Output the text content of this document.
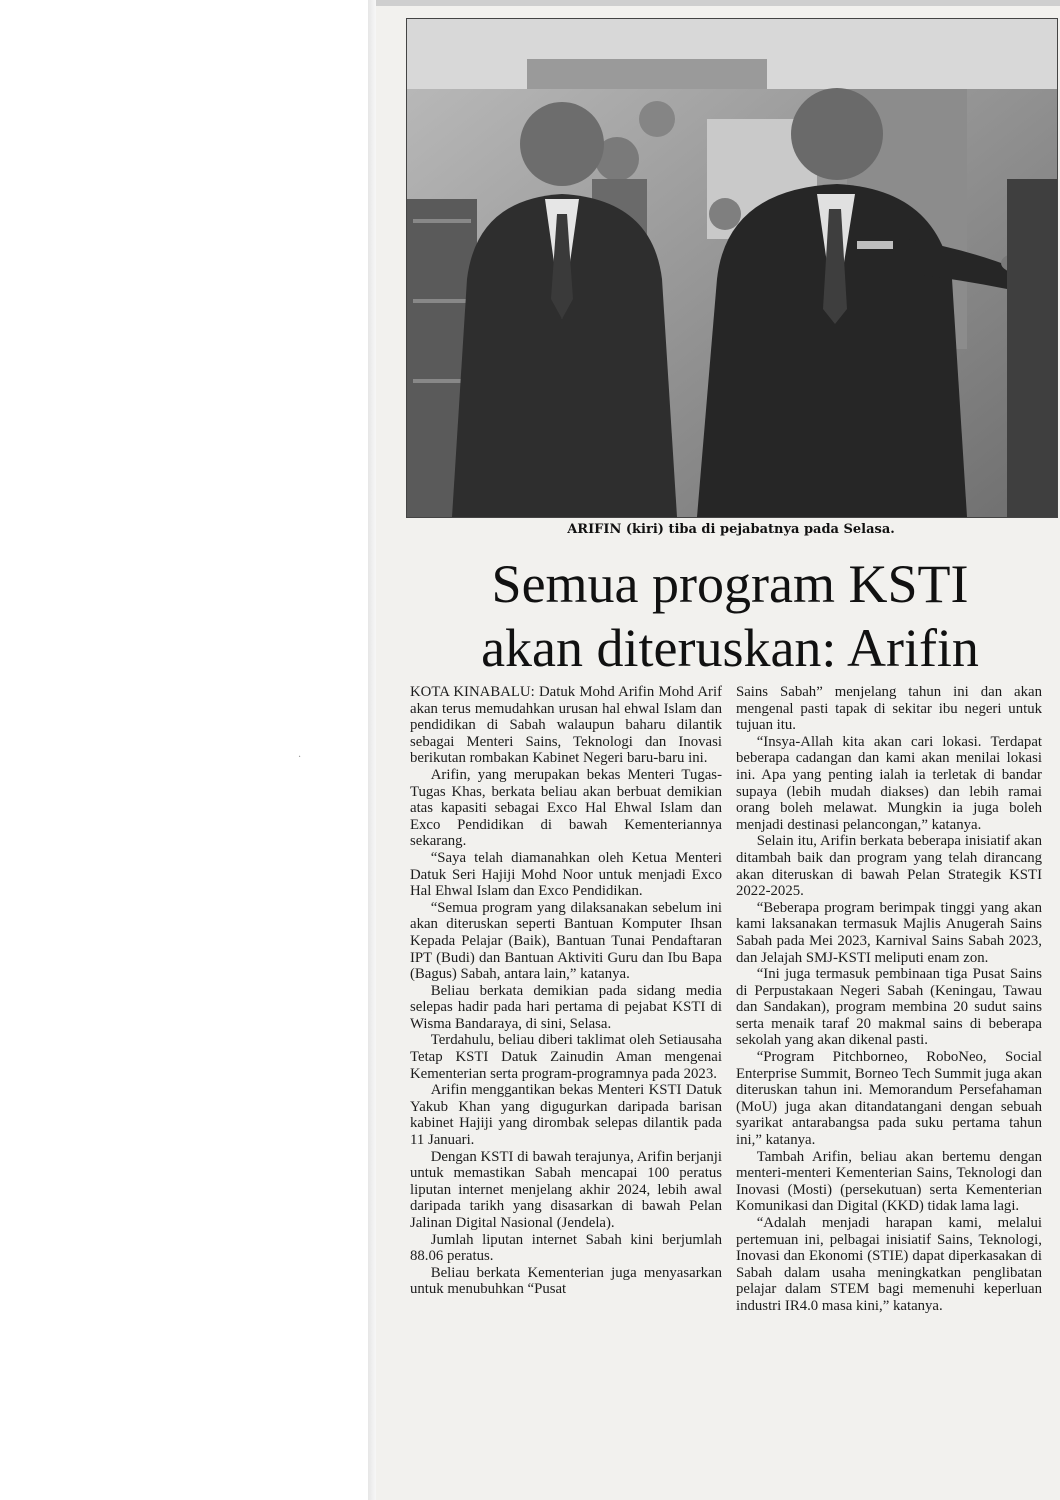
·
ARIFIN (kiri) tiba di pejabatnya pada Selasa.
Semua program KSTI
akan diteruskan: Arifin

KOTA KINABALU: Datuk Mohd Arifin Mohd Arif akan terus memudahkan urusan hal ehwal Islam dan pendidikan di Sabah walaupun baharu dilantik sebagai Menteri Sains, Teknologi dan Inovasi berikutan rombakan Kabinet Negeri baru-baru ini.

Arifin, yang merupakan bekas Menteri Tugas-Tugas Khas, berkata beliau akan berbuat demikian atas kapasiti sebagai Exco Hal Ehwal Islam dan Exco Pendidikan di bawah Kementeriannya sekarang.

“Saya telah diamanahkan oleh Ketua Menteri Datuk Seri Hajiji Mohd Noor untuk menjadi Exco Hal Ehwal Islam dan Exco Pendidikan.

“Semua program yang dilaksanakan sebelum ini akan diteruskan seperti Bantuan Komputer Ihsan Kepada Pelajar (Baik), Bantuan Tunai Pendaftaran IPT (Budi) dan Bantuan Aktiviti Guru dan Ibu Bapa (Bagus) Sabah, antara lain,” katanya.

Beliau berkata demikian pada sidang media selepas hadir pada hari pertama di pejabat KSTI di Wisma Bandaraya, di sini, Selasa.

Terdahulu, beliau diberi taklimat oleh Setiausaha Tetap KSTI Datuk Zainudin Aman mengenai Kementerian serta program-programnya pada 2023.

Arifin menggantikan bekas Menteri KSTI Datuk Yakub Khan yang digugurkan daripada barisan kabinet Hajiji yang dirombak selepas dilantik pada 11 Januari.

Dengan KSTI di bawah terajunya, Arifin berjanji untuk memastikan Sabah mencapai 100 peratus liputan internet menjelang akhir 2024, lebih awal daripada tarikh yang disasarkan di bawah Pelan Jalinan Digital Nasional (Jendela).

Jumlah liputan internet Sabah kini berjumlah 88.06 peratus.

Beliau berkata Kementerian juga menyasarkan untuk menubuhkan “Pusat

Sains Sabah” menjelang tahun ini dan akan mengenal pasti tapak di sekitar ibu negeri untuk tujuan itu.

“Insya-Allah kita akan cari lokasi. Terdapat beberapa cadangan dan kami akan menilai lokasi ini. Apa yang penting ialah ia terletak di bandar supaya (lebih mudah diakses) dan lebih ramai orang boleh melawat. Mungkin ia juga boleh menjadi destinasi pelancongan,” katanya.

Selain itu, Arifin berkata beberapa inisiatif akan ditambah baik dan program yang telah dirancang akan diteruskan di bawah Pelan Strategik KSTI 2022-2025.

“Beberapa program berimpak tinggi yang akan kami laksanakan termasuk Majlis Anugerah Sains Sabah pada Mei 2023, Karnival Sains Sabah 2023, dan Jelajah SMJ-KSTI meliputi enam zon.

“Ini juga termasuk pembinaan tiga Pusat Sains di Perpustakaan Negeri Sabah (Keningau, Tawau dan Sandakan), program membina 20 sudut sains serta menaik taraf 20 makmal sains di beberapa sekolah yang akan dikenal pasti.

“Program Pitchborneo, RoboNeo, Social Enterprise Summit, Borneo Tech Summit juga akan diteruskan tahun ini. Memorandum Persefahaman (MoU) juga akan ditandatangani dengan sebuah syarikat antarabangsa pada suku pertama tahun ini,” katanya.

Tambah Arifin, beliau akan bertemu dengan menteri-menteri Kementerian Sains, Teknologi dan Inovasi (Mosti) (persekutuan) serta Kementerian Komunikasi dan Digital (KKD) tidak lama lagi.

“Adalah menjadi harapan kami, melalui pertemuan ini, pelbagai inisiatif Sains, Teknologi, Inovasi dan Ekonomi (STIE) dapat diperkasakan di Sabah dalam usaha meningkatkan penglibatan pelajar dalam STEM bagi memenuhi keperluan industri IR4.0 masa kini,” katanya.
